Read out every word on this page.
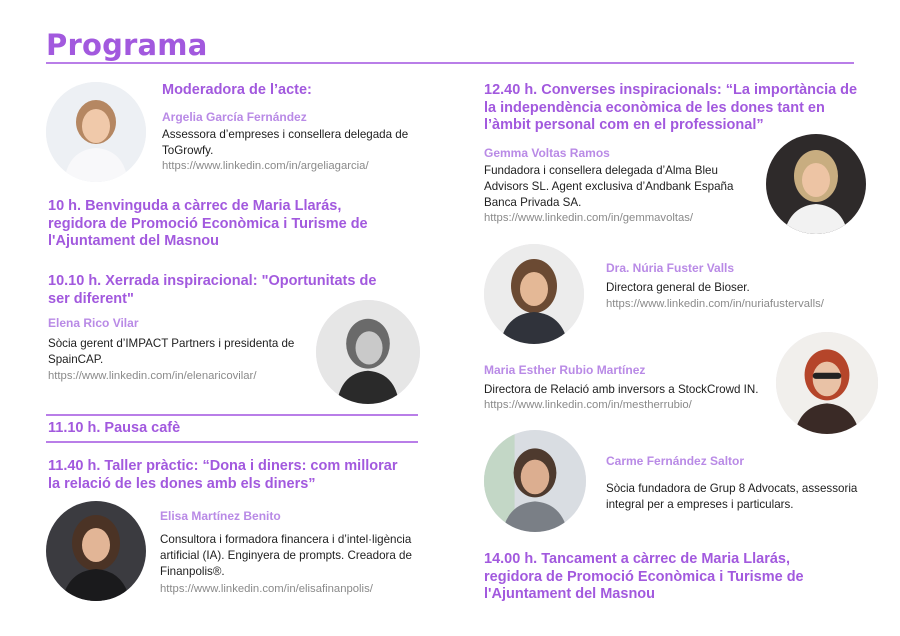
Programa
Moderadora de l’acte:
Argelia García Fernández
Assessora d’empreses i consellera delegada de ToGrowfy.
https://www.linkedin.com/in/argeliagarcia/
10 h. Benvinguda a càrrec de Maria Llarás, regidora de Promoció Econòmica i Turisme de l'Ajuntament del Masnou
10.10 h. Xerrada inspiracional: "Oportunitats de ser diferent"
Elena Rico Vilar
Sòcia gerent d’IMPACT Partners i presidenta de SpainCAP.
https://www.linkedin.com/in/elenaricovilar/
11.10 h. Pausa cafè
11.40 h. Taller pràctic: “Dona i diners: com millorar la relació de les dones amb els diners”
Elisa Martínez Benito
Consultora i formadora financera i d’intel·ligència artificial (IA). Enginyera de prompts. Creadora de Finanpolis®.
https://www.linkedin.com/in/elisafinanpolis/
12.40 h. Converses inspiracionals: “La importància de la independència econòmica de les dones tant en l’àmbit personal com en el professional”
Gemma Voltas Ramos
Fundadora i consellera delegada d’Alma Bleu Advisors SL. Agent exclusiva d’Andbank España Banca Privada SA.
https://www.linkedin.com/in/gemmavoltas/
Dra. Núria Fuster Valls
Directora general de Bioser.
https://www.linkedin.com/in/nuriafustervalls/
Maria Esther Rubio Martínez
Directora de Relació amb inversors a StockCrowd IN.
https://www.linkedin.com/in/mestherrubio/
Carme Fernández Saltor
Sòcia fundadora de Grup 8 Advocats, assessoria integral per a empreses i particulars.
14.00 h. Tancament a càrrec de Maria Llarás, regidora de Promoció Econòmica i Turisme de l'Ajuntament del Masnou
